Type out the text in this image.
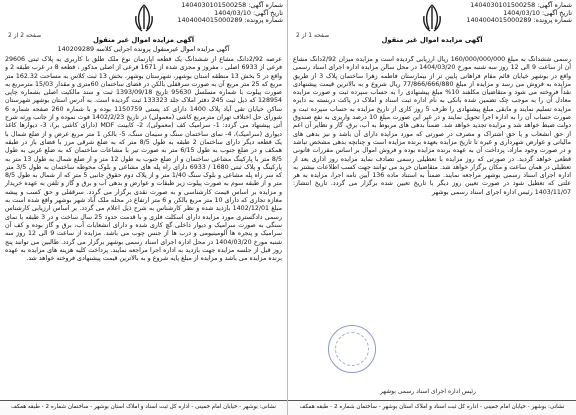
شماره آگهی: 1404030101500258
تاریخ آگهی: 1404/03/10
شماره پرونده: 1404004015000289
صفحه 2 از 2
آگهی مزایده اموال غیر منقول
آگهی مزایده اموال غیرمنقول پرونده اجرایی کلاسه 140209289
عرصه 2/92دانگ مشاع از ششدانگ یک قطعه آپارتمان نوع ملک طلق با کاربری به پلاک ثبتی 29606 فرعی از 6933 اصلی ، مفروز و مجزی شده از 1671 فرعی از اصلی مذکور ، قطعه 8 در غرب طبقه 2 و واقع در 5 بخش 13 منطقه استان بوشهر، شهرستان بوشهر، بخش 13 ثبت کلاس به مساحت 162.32 متر مربع که 25 متر مربع آن به صورت سرقفلی بالکن در فضای ساختمان 60متری و مقدار 15/03 مترمربع به صورت پیلوت با شماره مسلسل 95630 تاریخ 1393/09/18 ثبت و سند مالکیت اصلی بشماره چاپی 128954 که ذیل ثبت 245 دفتر املاک جلد 133323 ثبت گردیده است. به آدرس استان بوشهر شهرستان ساکن خیابان تقی آباد پلاک 1400 دارای کد پستی 1150759 بوده و با شماره 260 صفحه شماره 6 شورای حل اختلاف تهران مترمربع کاشی (معمولی) در تاریخ 1402/2/23 فوت نموده و از جانب ورثه شرح آتی پیشنهاد می گردد: 1- سرامیک کف (معمولی)، 2- کابینت MDF (دارای کاشی بر)، 3- دیوارها کاغذ دیواری (سرامیک)، 4- نمای ساختمان سنگ و سیمان سنگ، 5- بالکن 1 متر مربع عرض و از ضلع شمال با یک قطعه دیگر دارای ساختمان 2 طبقه به طول 8/5 متر که به ضلع شرقی مرز با فضای باز در طبقه همکف و در ضلع جنوب به طول 6/15 متر به صورت تیر با مشاعات ساختمان که به ضلع غربی به طول 8/5 متر با پارکینگ مشاعی ساختمان و از ضلع جنوب به طول 12 متر و از ضلع شمال به طول 13 متر به پارکینگ و پلاک ثبتی 1680 / 6933 دارای راه پله های مشاعی و بلوک محوطه ساختمان به طول 3/5 متر که سر راه پله مشاعی و بلوک سنگ 1/40 متر و از پلاک دوم حقوق جانبی 5 متر که از شمال به طول 8/5 متر و از طبقه سوم به صورت پیلوت زیر طبقات و عوارض و بدهی آب و برق و گاز و تلفن به عهده خریدار و مزایده بر اساس قیمت کارشناسی و به صورت نقدی برگزار می گردد. سرقفلی و حق کسب و پیشه مغازه تجاری که دارای 10 متر مربع بالکن و 6 متر ارتفاع در محله ملک آباد شهر بوشهر واقع شده است به مبلغ 1402/12/01 بازدید شده و نظر کارشناس به شرح ذیل اعلام می گردد. بر اساس ارزیابی کارشناس رسمی دادگستری مورد مزایده دارای اسکلت فلزی و با قدمت حدود 25 سال ساخت و در 3 طبقه با نمای سنگی به صورت سرامیک و دیوار داخلی گچ کاری شده و دارای انشعابات آب، برق و گاز بوده و کف آن سرامیک و پنجره ها آلومینیومی و درب ها از جنس چوب می باشد. مزایده از ساعت 9 الی 12 روز سه شنبه مورخ 1404/03/20 در محل اداره اجرای اسناد رسمی بوشهر برگزار می گردد. طالبین می توانند پنج روز قبل از جلسه مزایده جهت بازدید به اداره اجرا مراجعه نمایند. پرداخت کلیه هزینه های مزایده به عهده برنده مزایده می باشد و مزایده از مبلغ پایه شروع و به بالاترین قیمت پیشنهادی فروخته خواهد شد.
نشانی: بوشهر - خیابان امام خمینی - اداره کل ثبت اسناد و املاک استان بوشهر - ساختمان شماره 2 - طبقه همکف
شماره آگهی: 1404030101500258
تاریخ آگهی: 1404/03/10
شماره پرونده: 1404004015000289
صفحه 1 از 2
آگهی مزایده اموال غیر منقول
رسمی ششدانگ به مبلغ 160/000/000/000 ریال ارزیابی گردیده است و مزایده میزان 2/92دانگ مشاع آن از ساعت 9 الی 12 روز سه شنبه مورخ 1404/03/20 در محل سالن مزایده اداره اجرای اسناد رسمی واقع در بوشهر خیابان قائم مقام فراهانی پایین تر از بیمارستان فاطمه زهرا ساختمان پلاک 3 از طریق مزایده به فروش می رسد و مزایده از مبلغ 77/866/666/880 ریال شروع و به بالاترین قیمت پیشنهادی نقداً فروخته می شود و متقاضیان مکلفند 10% مبلغ پیشنهادی را به حساب سپرده ثبت و صورت مزایده معادل آن را به موجب چک تضمین شده بانکی به نام اداره ثبت اسناد و املاک در پاکت دربسته به دایره مزایده تسلیم نمایند و مابقی مبلغ پیشنهادی را ظرف 5 روز کاری از تاریخ مزایده به حساب سپرده ثبت و صورت حساب آن را به اداره اجرا تحویل نمایند و در غیر این صورت مبلغ 10 درصد واریزی به نفع صندوق دولت ضبط خواهد شد و مزایده تجدید خواهد شد. ضمناً بدهی های مربوط به آب، برق، گاز و نظایر آن اعم از حق انشعاب و یا حق اشتراک و مصرف در صورتی که مورد مزایده دارای آن باشد و نیز بدهی های مالیاتی و عوارض شهرداری و غیره تا تاریخ مزایده بعهده برنده مزایده است و چنانچه بدهی مشخص نباشد و در صورت وجود مازاد، پرداخت آن به عهده برنده مزایده بوده و فروش اموال بر اساس مقررات قانونی قطعی خواهد گردید. در صورتی که روز مزایده با تعطیلی رسمی تصادف نماید مزایده روز اداری بعد از تعطیلی در همان ساعت و مکان برگزار خواهد شد. متقاضیان خرید می توانند جهت کسب اطلاعات بیشتر به اداره اجرای اسناد رسمی بوشهر مراجعه نمایند. ضمناً به استناد ماده 136 آیین نامه اجرا، مزایده به هر علتی که تعطیل شود در صورت تعیین روز دیگر با تاریخ تعیین شده برگزار می گردد. تاریخ انتشار: 1403/11/07 رئیس اداره اجرای اسناد رسمی بوشهر
رئیس اداره اجرای اسناد رسمی بوشهر
نشانی: بوشهر - خیابان امام خمینی - اداره کل ثبت اسناد و املاک استان بوشهر - ساختمان شماره 2 - طبقه همکف
